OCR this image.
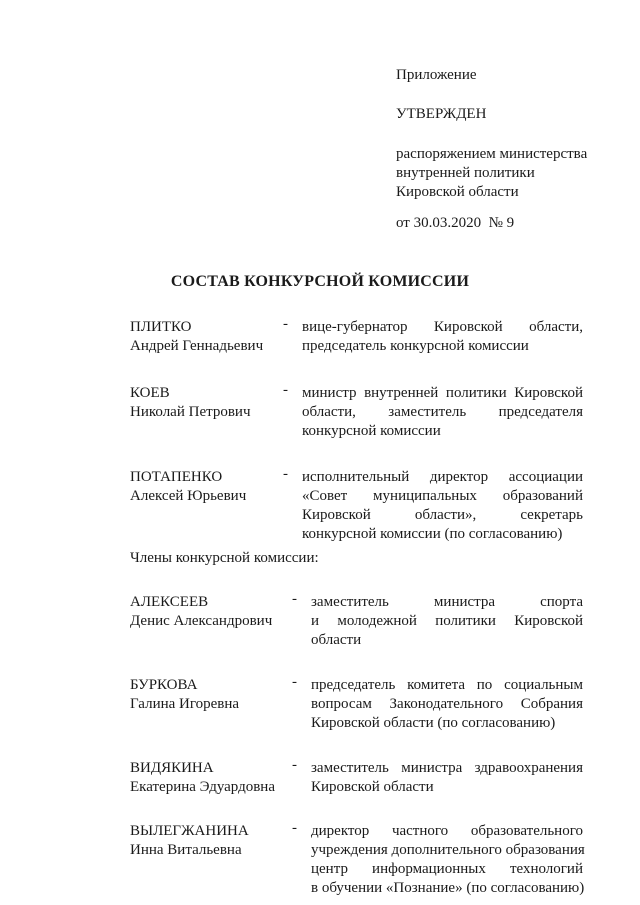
Приложение
УТВЕРЖДЕН
распоряжением министерства
внутренней политики
Кировской области
от 30.03.2020  № 9
СОСТАВ КОНКУРСНОЙ КОМИССИИ
ПЛИТКО
Андрей Геннадьевич
- вице-губернатор Кировской области,
председатель конкурсной комиссии
КОЕВ
Николай Петрович
- министр внутренней политики Кировской
области, заместитель председателя
конкурсной комиссии
ПОТАПЕНКО
Алексей Юрьевич
- исполнительный директор ассоциации
«Совет муниципальных образований
Кировской области», секретарь
конкурсной комиссии (по согласованию)
Члены конкурсной комиссии:
АЛЕКСЕЕВ
Денис Александрович
- заместитель министра спорта
и молодежной политики Кировской
области
БУРКОВА
Галина Игоревна
- председатель комитета по социальным
вопросам Законодательного Собрания
Кировской области (по согласованию)
ВИДЯКИНА
Екатерина Эдуардовна
- заместитель министра здравоохранения
Кировской области
ВЫЛЕГЖАНИНА
Инна Витальевна
- директор частного образовательного
учреждения дополнительного образования
центр информационных технологий
в обучении «Познание» (по согласованию)
